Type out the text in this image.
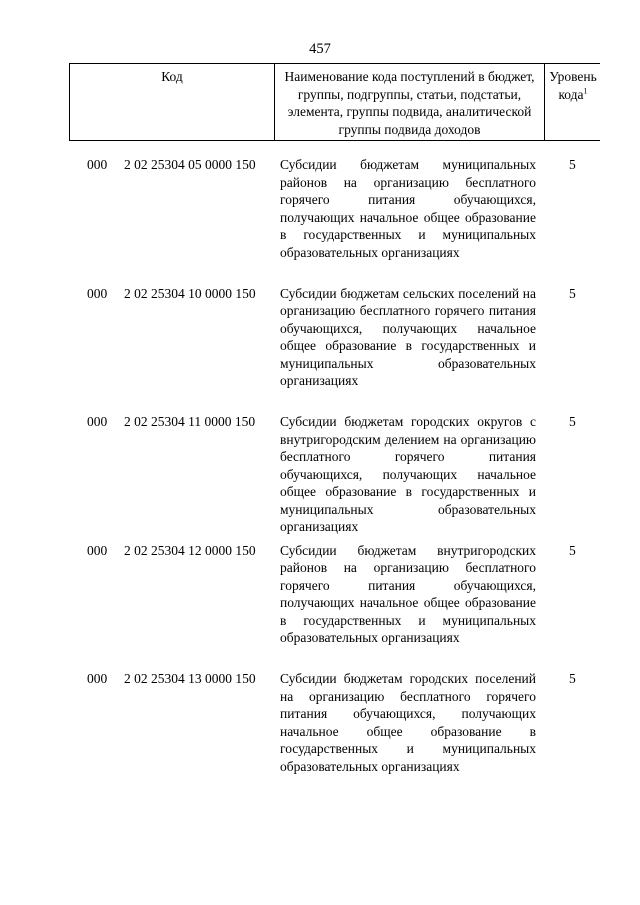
457
Код	Наименование кода поступлений в бюджет, группы, подгруппы, статьи, подстатьи, элемента, группы подвида, аналитической группы подвида доходов
Уровень кода$^1$
000 2 02 25304 05 0000 150 Субсидии бюджетам муниципальных районов на организацию бесплатного горячего питания обучающихся, получающих начальное общее образование в государственных и муниципальных образовательных организациях
5
000 2 02 25304 10 0000 150 Субсидии бюджетам сельских поселений на организацию бесплатного горячего питания обучающихся, получающих начальное общее образование в государственных и муниципальных образовательных организациях
5
000 2 02 25304 11 0000 150 Субсидии бюджетам городских округов с внутригородским делением на организацию бесплатного горячего питания обучающихся, получающих начальное общее образование в государственных и муниципальных образовательных организациях
5
000 2 02 25304 12 0000 150 Субсидии бюджетам внутригородских районов на организацию бесплатного горячего питания обучающихся, получающих начальное общее образование в государственных и муниципальных образовательных организациях
5
000 2 02 25304 13 0000 150 Субсидии бюджетам городских поселений на организацию бесплатного горячего питания обучающихся, получающих начальное общее образование в государственных и муниципальных образовательных организациях
5
